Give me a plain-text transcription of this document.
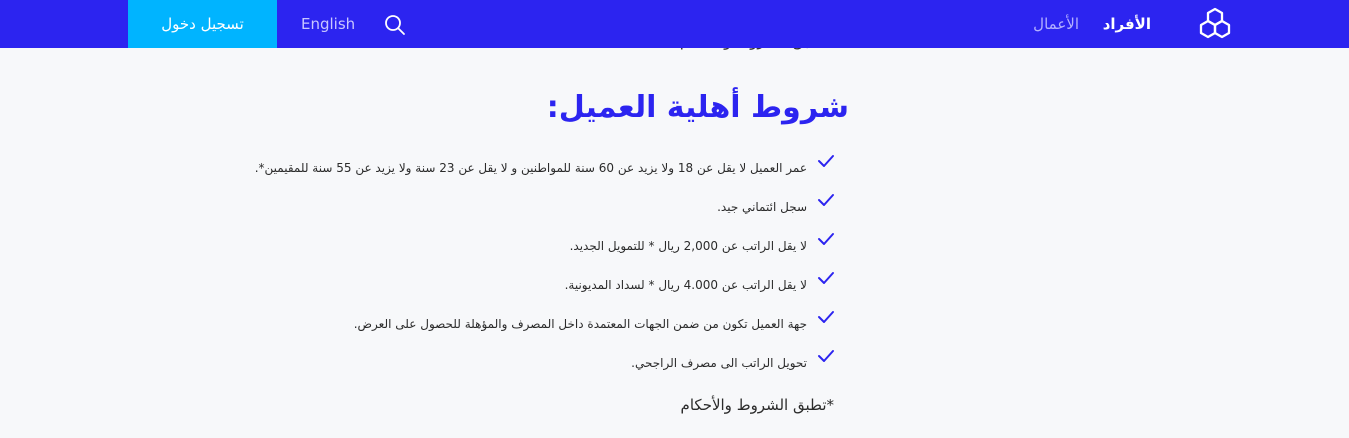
الأفراد
الأعمال
English
تسجيل دخول
شروط أهلية العميل:
عمر العميل لا يقل عن 18 ولا يزيد عن 60 سنة للمواطنين و لا يقل عن 23 سنة ولا يزيد عن 55 سنة للمقيمين*.
سجل ائتماني جيد.
لا يقل الراتب عن 2,000 ريال * للتمويل الجديد.
لا يقل الراتب عن 4.000 ريال * لسداد المديونية.
جهة العميل تكون من ضمن الجهات المعتمدة داخل المصرف والمؤهلة للحصول على العرض.
تحويل الراتب الى مصرف الراجحي.

*تطبق الشروط والأحكام
